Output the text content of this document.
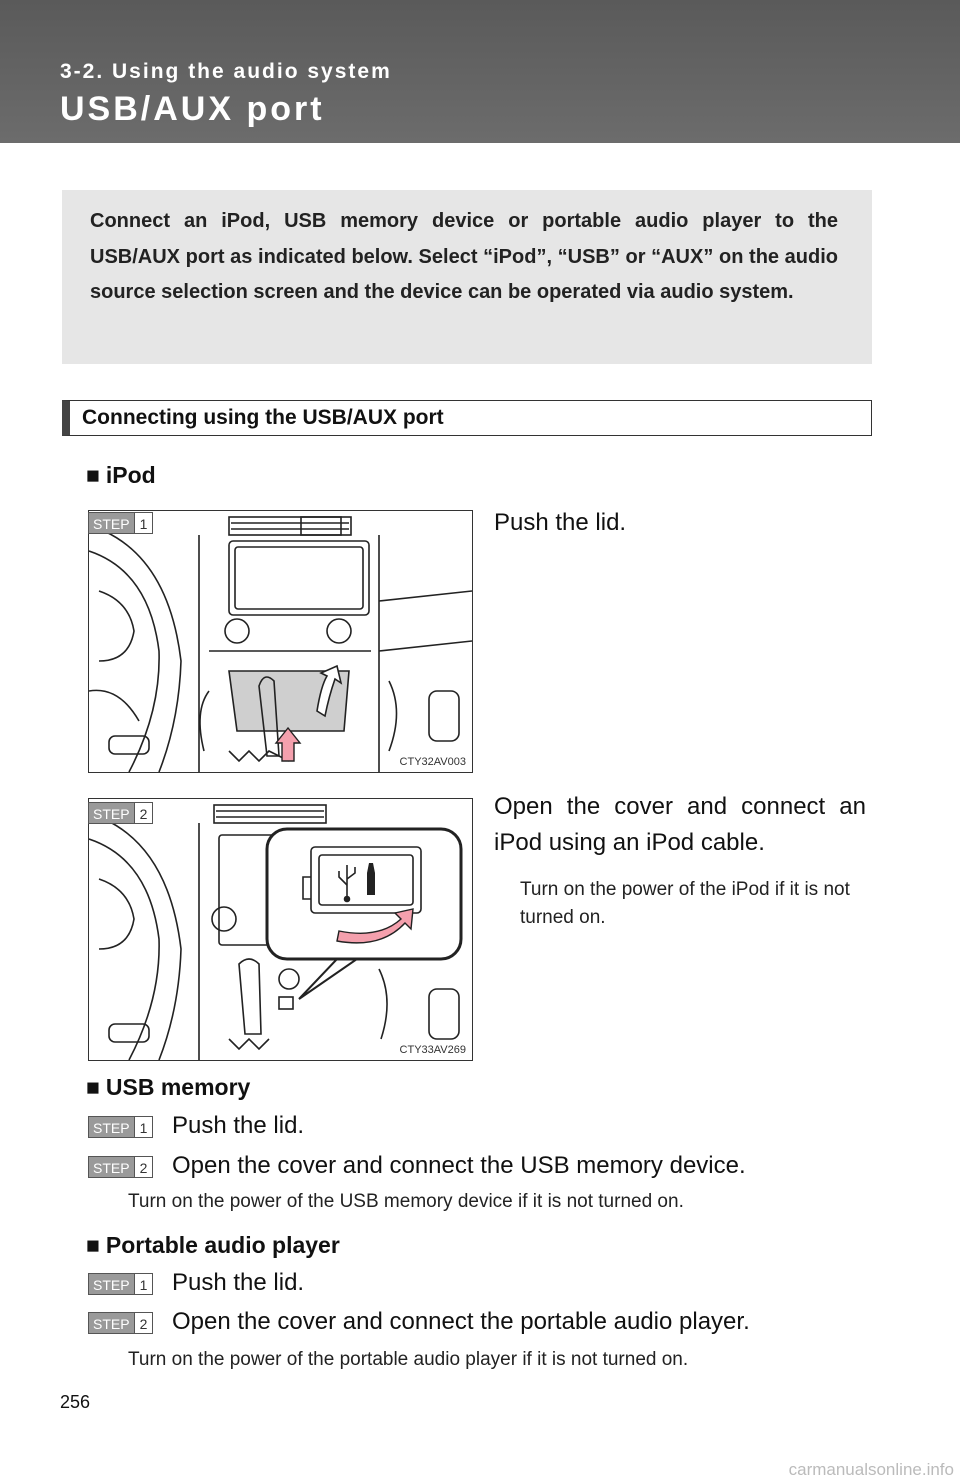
3-2. Using the audio system
USB/AUX port

Connect an iPod, USB memory device or portable audio player to the USB/AUX port as indicated below. Select “iPod”, “USB” or “AUX” on the audio source selection screen and the device can be operated via audio system.

Connecting using the USB/AUX port
■ iPod
CTY32AV003
STEP 1	Push the lid.
CTY33AV269
STEP 2	Open the cover and connect an iPod using an iPod cable.
Turn on the power of the iPod if it is not turned on.
■ USB memory
STEP 1 Push the lid.
STEP 2 Open the cover and connect the USB memory device.
Turn on the power of the USB memory device if it is not turned on.
■ Portable audio player
STEP 1 Push the lid.
STEP 2 Open the cover and connect the portable audio player.
Turn on the power of the portable audio player if it is not turned on.
256
carmanualsonline.info
